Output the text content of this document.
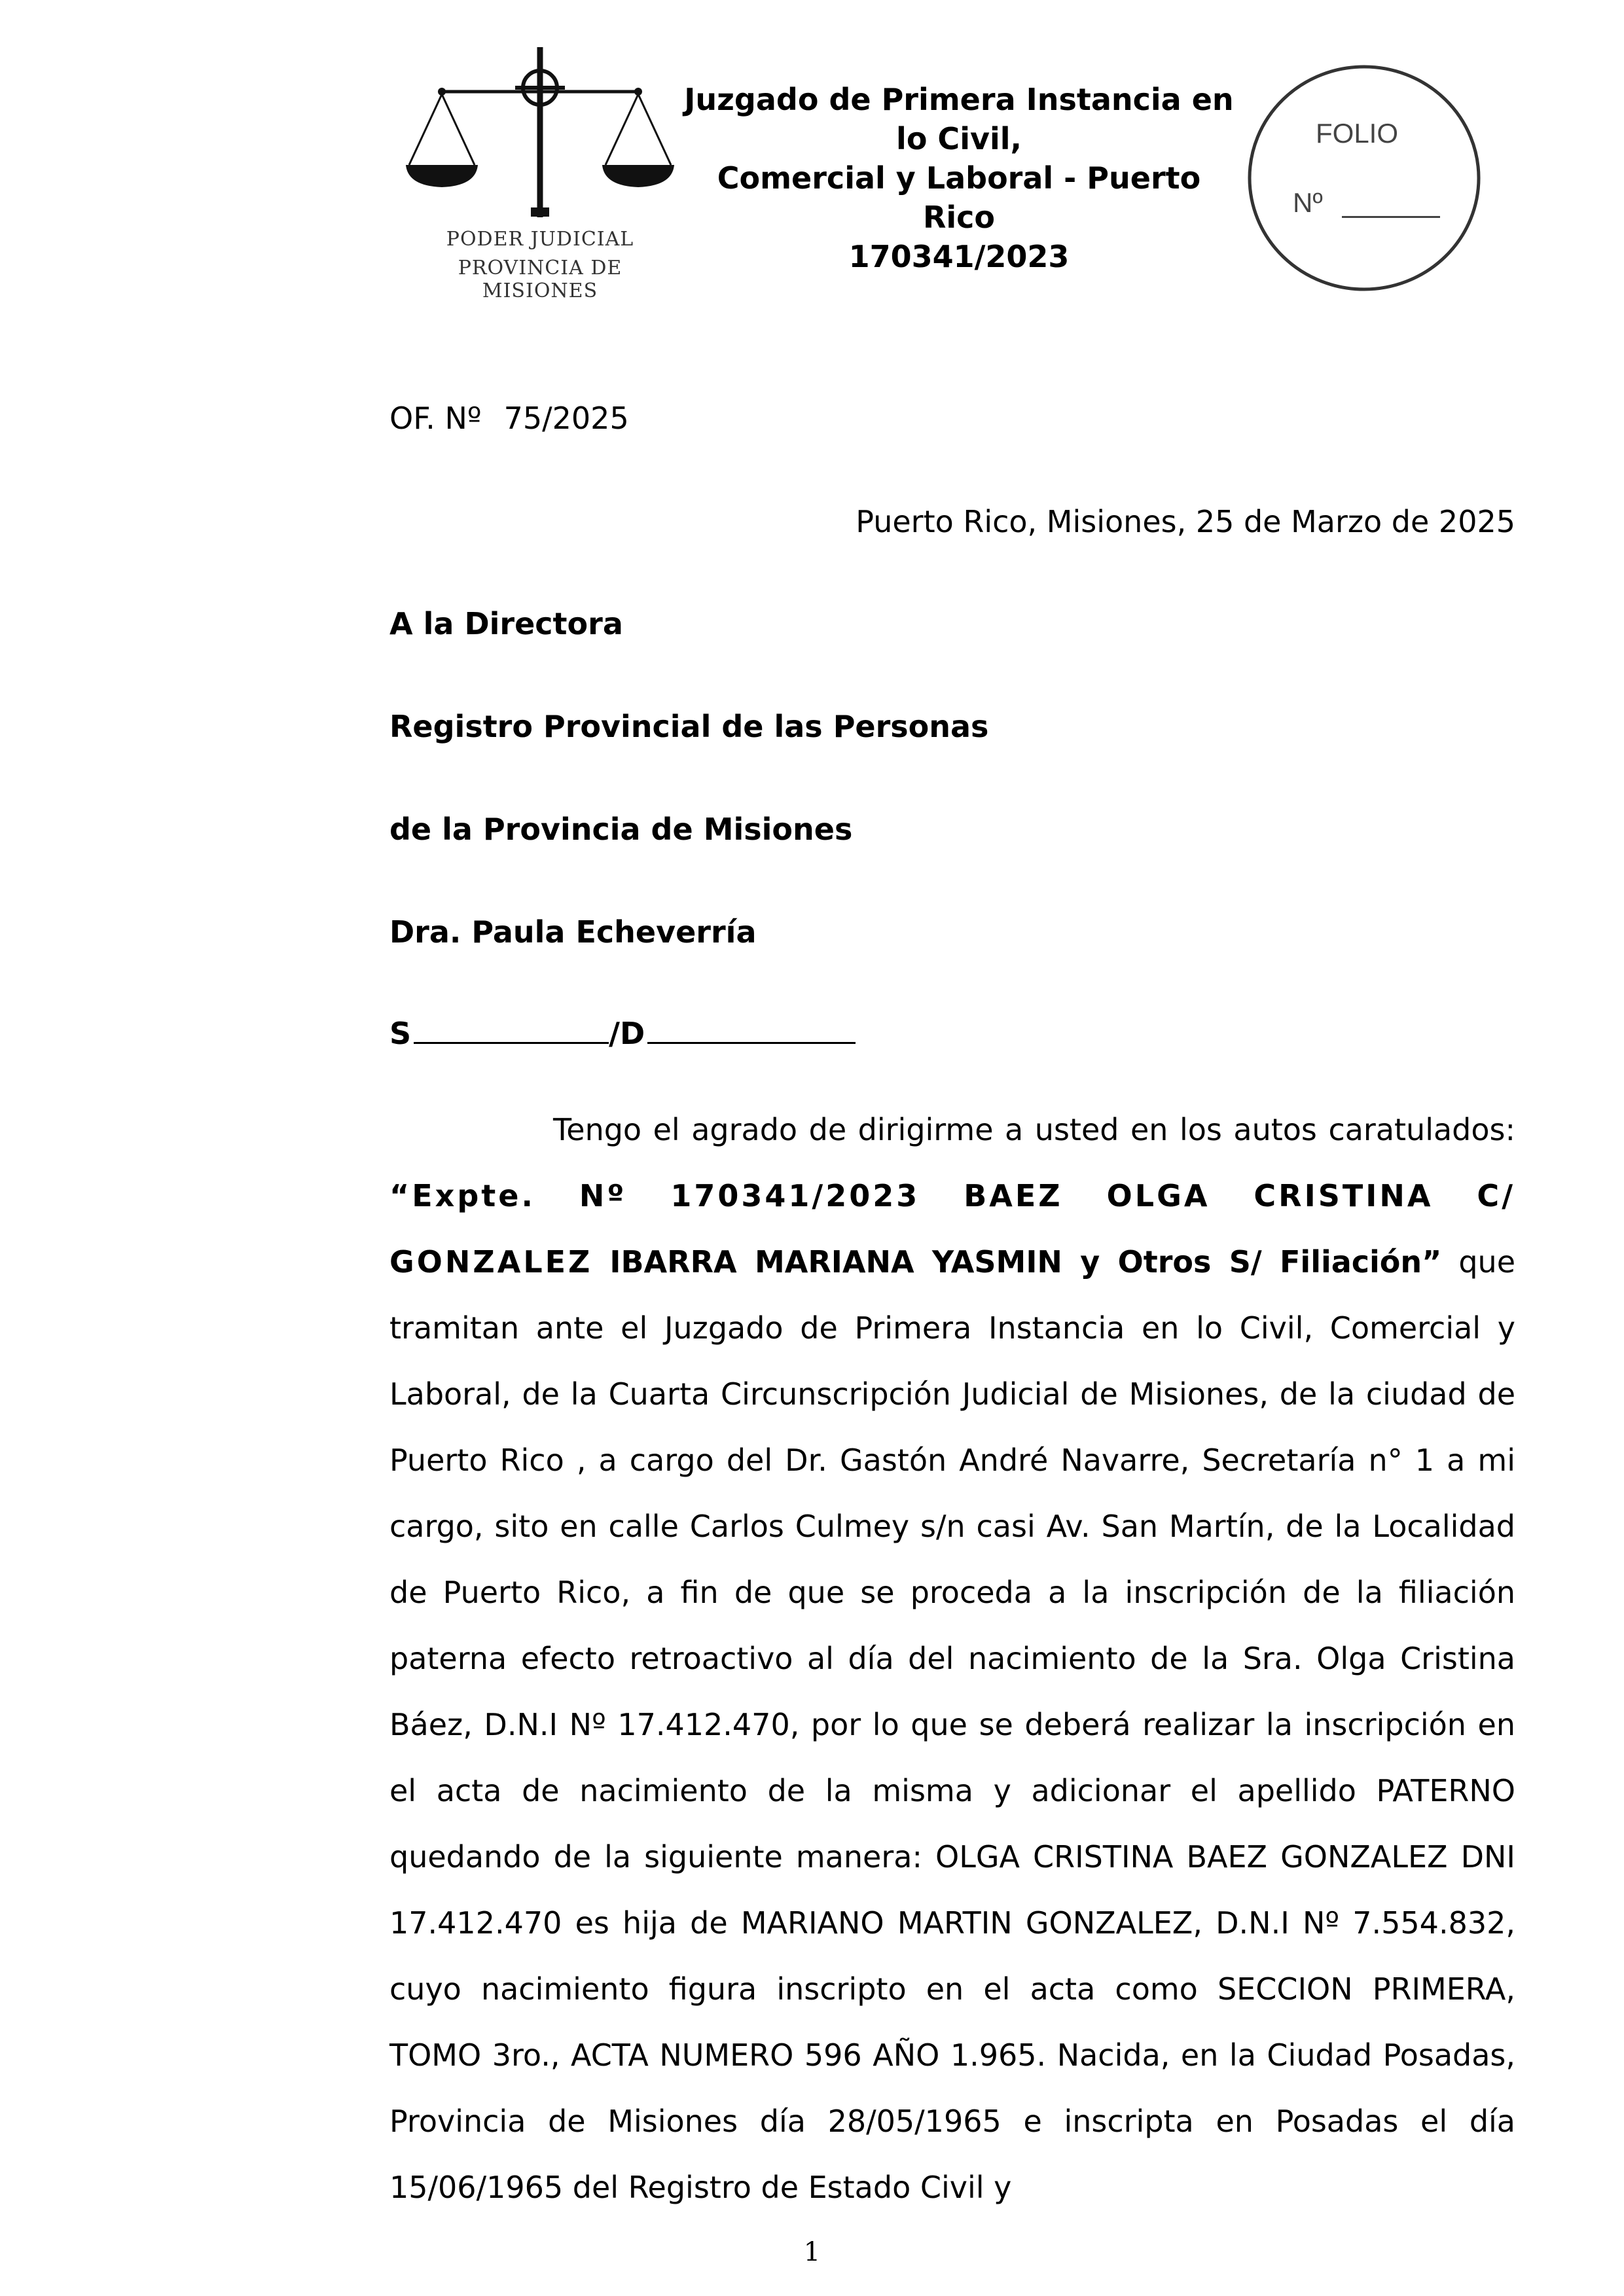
PODER JUDICIAL
PROVINCIA DE MISIONES
Juzgado de Primera Instancia en
lo Civil,
Comercial y Laboral - Puerto
Rico
170341/2023
FOLIO
Nº
OF. Nº 75/2025
Puerto Rico, Misiones, 25 de Marzo de 2025
A la Directora
Registro Provincial de las Personas
de la Provincia de Misiones
Dra. Paula Echeverría
S	/D
Tengo el agrado de dirigirme a usted en los autos caratulados: “Expte. Nº 170341/2023 BAEZ OLGA CRISTINA C/ GONZALEZ IBARRA MARIANA YASMIN y Otros S/ Filiación” que tramitan ante el Juzgado de Primera Instancia en lo Civil, Comercial y Laboral, de la Cuarta Circunscripción Judicial de Misiones, de la ciudad de Puerto Rico , a cargo del Dr. Gastón André Navarre, Secretaría n° 1 a mi cargo, sito en calle Carlos Culmey s/n casi Av. San Martín, de la Localidad de Puerto Rico, a fin de que se proceda a la inscripción de la filiación paterna efecto retroactivo al día del nacimiento de la Sra. Olga Cristina Báez, D.N.I Nº 17.412.470, por lo que se deberá realizar la inscripción en el acta de nacimiento de la misma y adicionar el apellido PATERNO quedando de la siguiente manera: OLGA CRISTINA BAEZ GONZALEZ DNI 17.412.470 es hija de MARIANO MARTIN GONZALEZ, D.N.I Nº 7.554.832, cuyo nacimiento figura inscripto en el acta como SECCION PRIMERA, TOMO 3ro., ACTA NUMERO 596 AÑO 1.965. Nacida, en la Ciudad Posadas, Provincia de Misiones día 28/05/1965 e inscripta en Posadas el día 15/06/1965 del Registro de Estado Civil y
1
